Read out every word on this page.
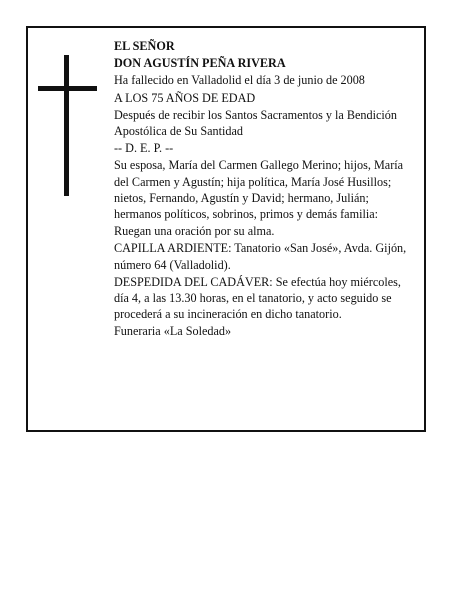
EL SEÑOR

DON AGUSTÍN PEÑA RIVERA

Ha fallecido en Valladolid el día 3 de junio de 2008

A LOS 75 AÑOS DE EDAD

Después de recibir los Santos Sacramentos y la Bendición Apostólica de Su Santidad

-- D. E. P. --

Su esposa, María del Carmen Gallego Merino; hijos, María del Carmen y Agustín; hija política, María José Husillos; nietos, Fernando, Agustín y David; hermano, Julián; hermanos políticos, sobrinos, primos y demás familia:

Ruegan una oración por su alma.

CAPILLA ARDIENTE: Tanatorio «San José», Avda. Gijón, número 64 (Valladolid).

DESPEDIDA DEL CADÁVER: Se efectúa hoy miércoles, día 4, a las 13.30 horas, en el tanatorio, y acto seguido se procederá a su incineración en dicho tanatorio.

Funeraria «La Soledad»
